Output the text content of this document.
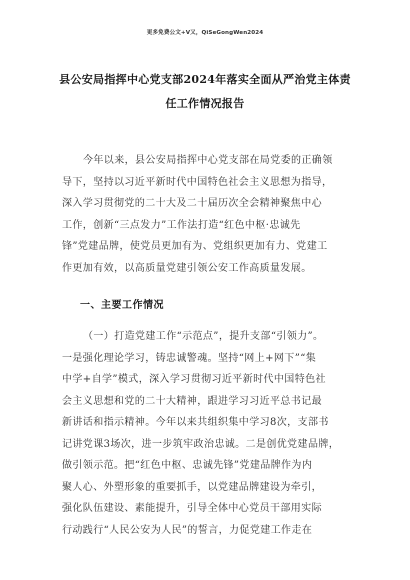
更多免费公文+V又，QiSeGongWen2024
县公安局指挥中心党支部2024年落实全面从严治党主体责
任工作情况报告
今年以来，县公安局指挥中心党支部在局党委的正确领
导下，坚持以习近平新时代中国特色社会主义思想为指导，
深入学习贯彻党的二十大及二十届历次全会精神聚焦中心
工作，创新“三点发力”工作法打造“红色中枢·忠诚先
锋”党建品牌，使党员更加有为、党组织更加有力、党建工
作更加有效，以高质量党建引领公安工作高质量发展。
一、主要工作情况
（一）打造党建工作“示范点”，提升支部“引领力”。
一是强化理论学习，铸忠诚警魂。坚持“网上+网下”“集
中学+自学”模式，深入学习贯彻习近平新时代中国特色社
会主义思想和党的二十大精神，跟进学习习近平总书记最
新讲话和指示精神。今年以来共组织集中学习8次，支部书
记讲党课3场次，进一步筑牢政治忠诚。二是创优党建品牌，
做引领示范。把“红色中枢、忠诚先锋”党建品牌作为内
聚人心、外塑形象的重要抓手，以党建品牌建设为牵引，
强化队伍建设、素能提升，引导全体中心党员干部用实际
行动践行“人民公安为人民”的誓言，力促党建工作走在
